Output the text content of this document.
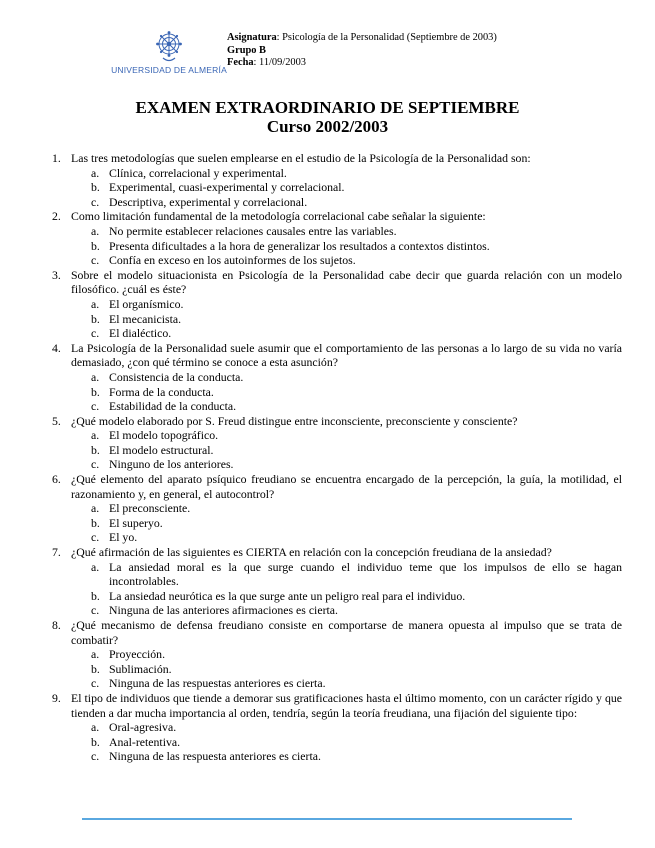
UNIVERSIDAD DE ALMERÍA
Asignatura: Psicología de la Personalidad (Septiembre de 2003)
Grupo B
Fecha: 11/09/2003
EXAMEN EXTRAORDINARIO DE SEPTIEMBRE
Curso 2002/2003
1. Las tres metodologías que suelen emplearse en el estudio de la Psicología de la Personalidad son:
a. Clínica, correlacional y experimental.
b. Experimental, cuasi-experimental y correlacional.
c. Descriptiva, experimental y correlacional.
2. Como limitación fundamental de la metodología correlacional cabe señalar la siguiente:
a. No permite establecer relaciones causales entre las variables.
b. Presenta dificultades a la hora de generalizar los resultados a contextos distintos.
c. Confía en exceso en los autoinformes de los sujetos.
3. Sobre el modelo situacionista en Psicología de la Personalidad cabe decir que guarda relación con un modelo filosófico. ¿cuál es éste?
a. El organísmico.
b. El mecanicista.
c. El dialéctico.
4. La Psicología de la Personalidad suele asumir que el comportamiento de las personas a lo largo de su vida no varía demasiado, ¿con qué término se conoce a esta asunción?
a. Consistencia de la conducta.
b. Forma de la conducta.
c. Estabilidad de la conducta.
5. ¿Qué modelo elaborado por S. Freud distingue entre inconsciente, preconsciente y consciente?
a. El modelo topográfico.
b. El modelo estructural.
c. Ninguno de los anteriores.
6. ¿Qué elemento del aparato psíquico freudiano se encuentra encargado de la percepción, la guía, la motilidad, el razonamiento y, en general, el autocontrol?
a. El preconsciente.
b. El superyo.
c. El yo.
7. ¿Qué afirmación de las siguientes es CIERTA en relación con la concepción freudiana de la ansiedad?
a. La ansiedad moral es la que surge cuando el individuo teme que los impulsos de ello se hagan incontrolables.
b. La ansiedad neurótica es la que surge ante un peligro real para el individuo.
c. Ninguna de las anteriores afirmaciones es cierta.
8. ¿Qué mecanismo de defensa freudiano consiste en comportarse de manera opuesta al impulso que se trata de combatir?
a. Proyección.
b. Sublimación.
c. Ninguna de las respuestas anteriores es cierta.
9. El tipo de individuos que tiende a demorar sus gratificaciones hasta el último momento, con un carácter rígido y que tienden a dar mucha importancia al orden, tendría, según la teoría freudiana, una fijación del siguiente tipo:
a. Oral-agresiva.
b. Anal-retentiva.
c. Ninguna de las respuesta anteriores es cierta.
